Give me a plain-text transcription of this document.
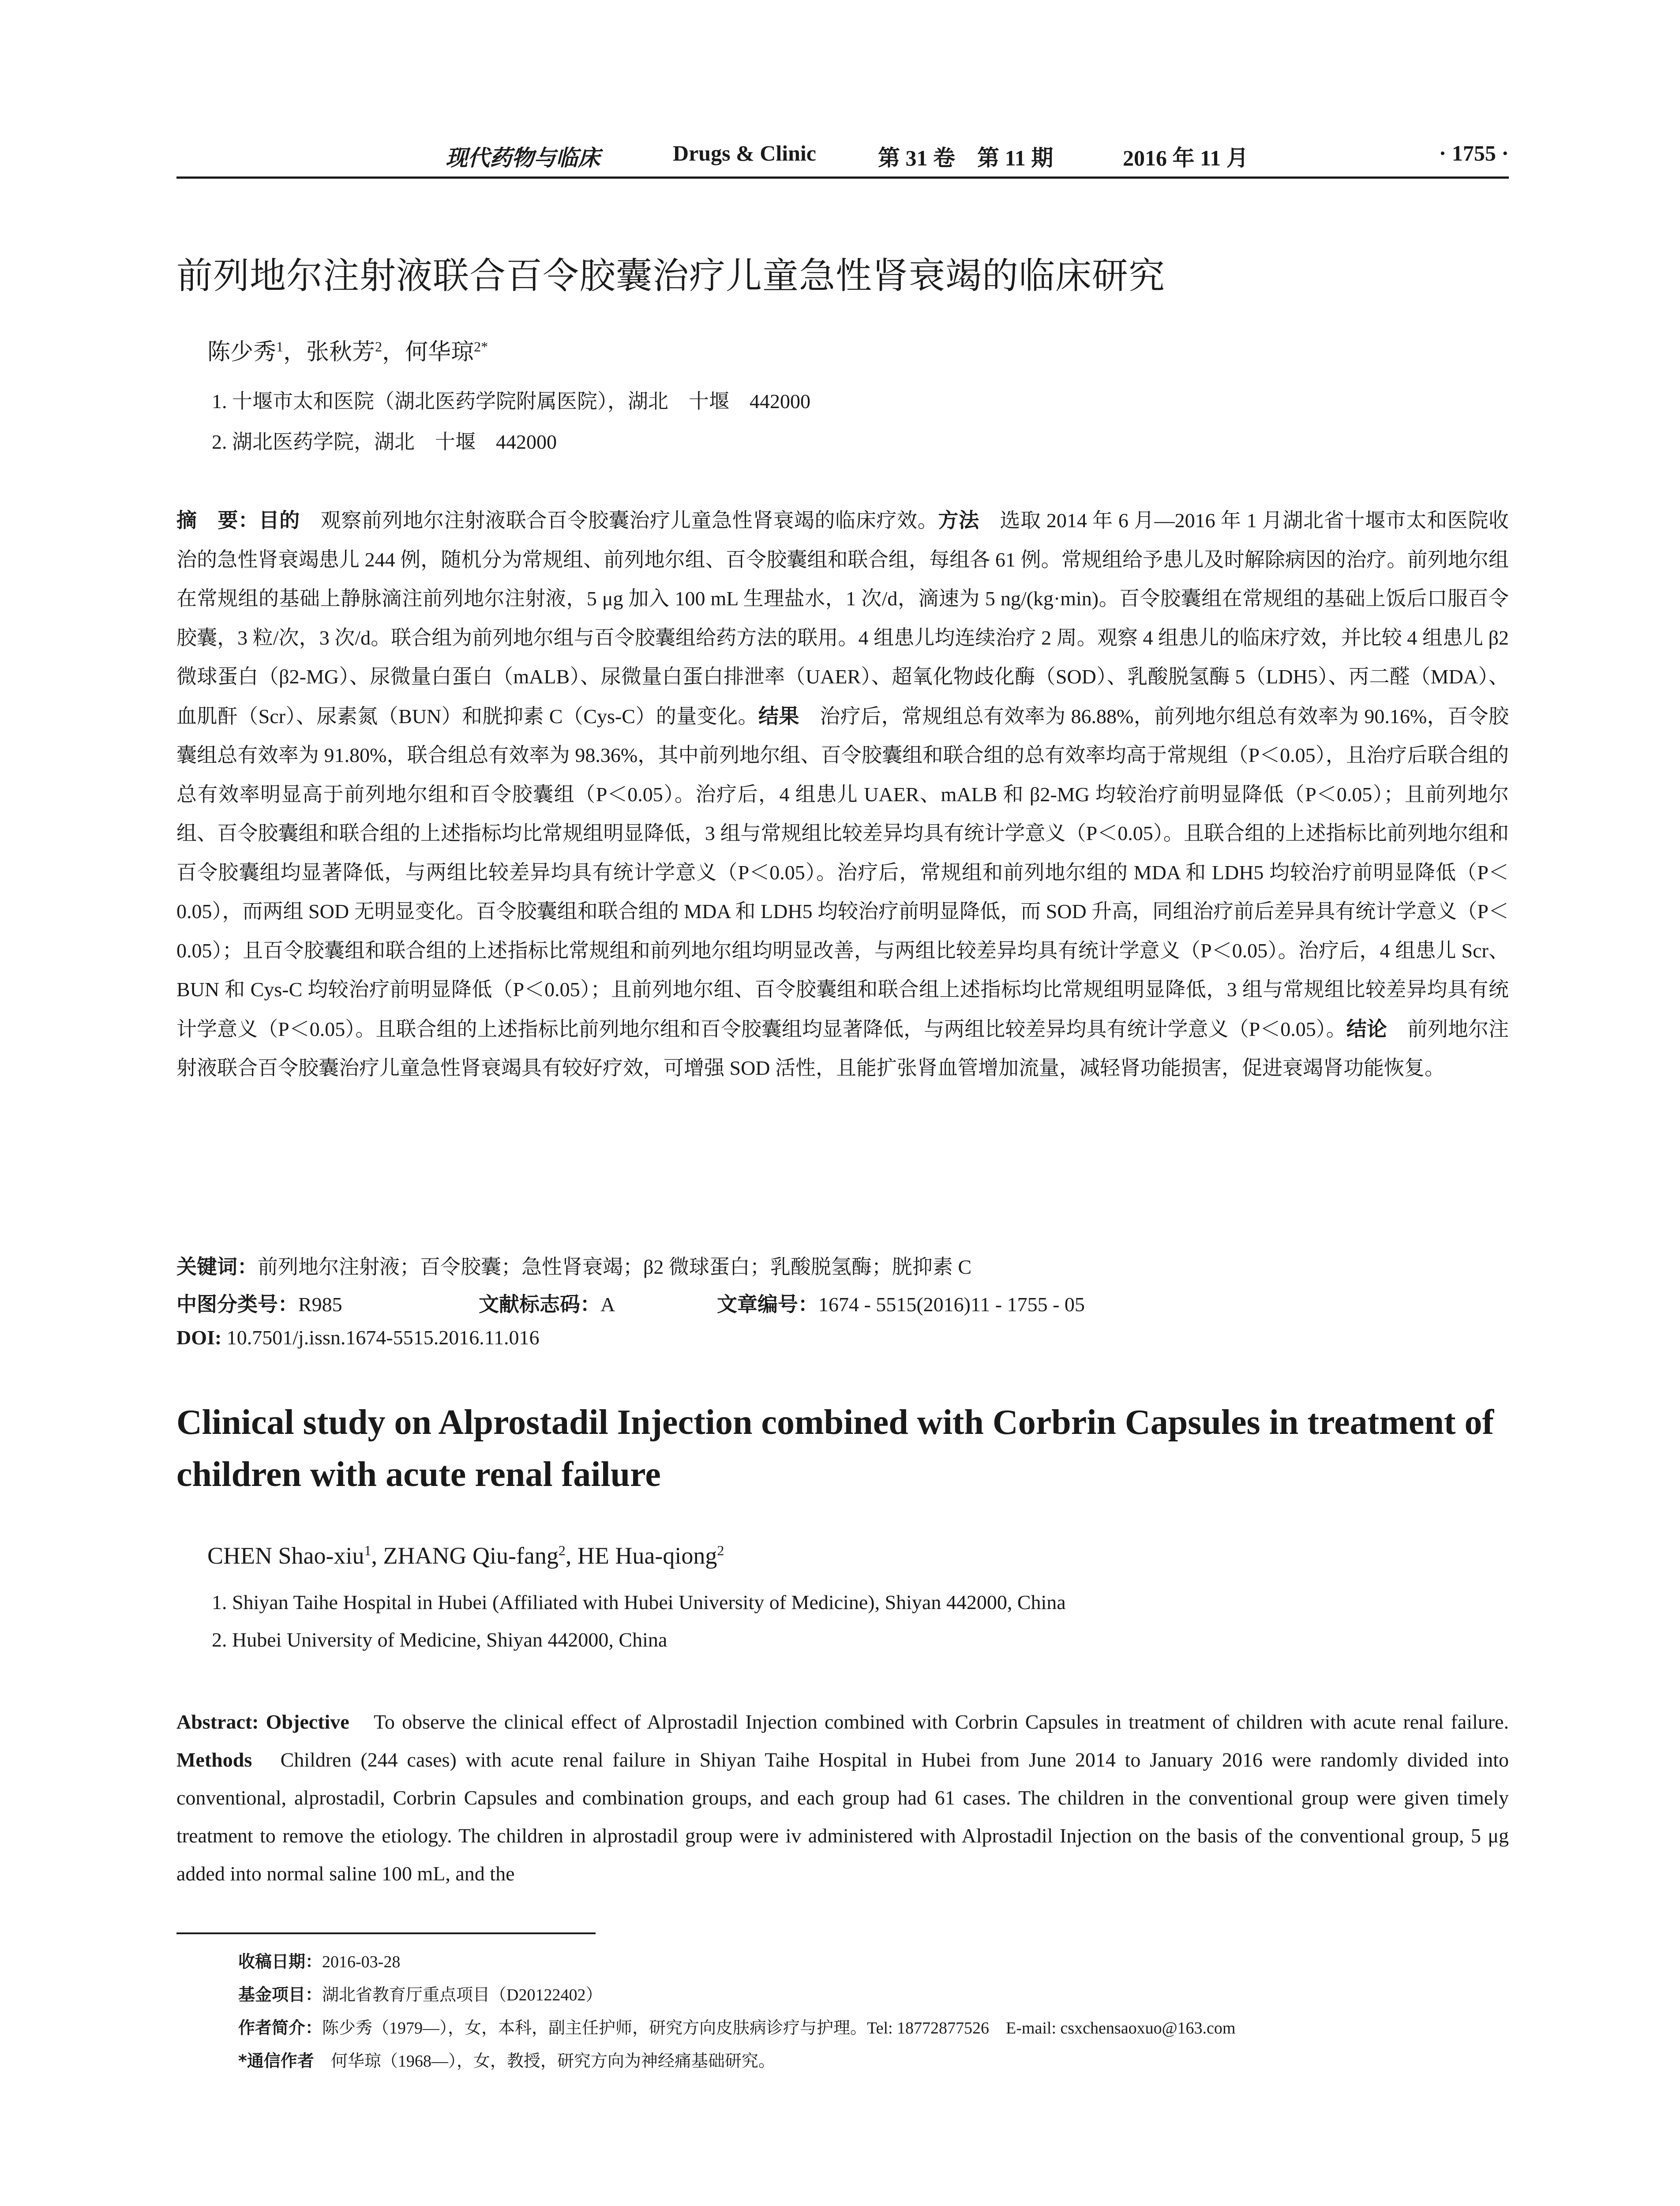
现代药物与临床	Drugs & Clinic	第 31 卷　第 11 期	2016 年 11 月	· 1755 ·
前列地尔注射液联合百令胶囊治疗儿童急性肾衰竭的临床研究
陈少秀$^1$，张秋芳$^2$，何华琼$^{2*}$
1. 十堰市太和医院（湖北医药学院附属医院），湖北　十堰　442000
2. 湖北医药学院，湖北　十堰　442000

摘　要：目的　 观察前列地尔注射液联合百令胶囊治疗儿童急性肾衰竭的临床疗效。方法　 选取 2014 年 6 月—2016 年 1 月湖北省十堰市太和医院收治的急性肾衰竭患儿 244 例，随机分为常规组、前列地尔组、百令胶囊组和联合组，每组各 61 例。常规组给予患儿及时解除病因的治疗。前列地尔组在常规组的基础上静脉滴注前列地尔注射液，5 μg 加入 100 mL 生理盐水，1 次/d，滴速为 5 ng/(kg·min)。百令胶囊组在常规组的基础上饭后口服百令胶囊，3 粒/次，3 次/d。联合组为前列地尔组与百令胶囊组给药方法的联用。4 组患儿均连续治疗 2 周。观察 4 组患儿的临床疗效，并比较 4 组患儿 β2 微球蛋白（β2-MG）、尿微量白蛋白（mALB）、尿微量白蛋白排泄率（UAER）、超氧化物歧化酶（SOD）、乳酸脱氢酶 5（LDH5）、丙二醛（MDA）、血肌酐（Scr）、尿素氮（BUN）和胱抑素 C（Cys-C）的量变化。结果　 治疗后，常规组总有效率为 86.88%，前列地尔组总有效率为 90.16%，百令胶囊组总有效率为 91.80%，联合组总有效率为 98.36%，其中前列地尔组、百令胶囊组和联合组的总有效率均高于常规组（P＜0.05），且治疗后联合组的总有效率明显高于前列地尔组和百令胶囊组（P＜0.05）。治疗后，4 组患儿 UAER、mALB 和 β2-MG 均较治疗前明显降低（P＜0.05）；且前列地尔组、百令胶囊组和联合组的上述指标均比常规组明显降低，3 组与常规组比较差异均具有统计学意义（P＜0.05）。且联合组的上述指标比前列地尔组和百令胶囊组均显著降低，与两组比较差异均具有统计学意义（P＜0.05）。治疗后，常规组和前列地尔组的 MDA 和 LDH5 均较治疗前明显降低（P＜0.05），而两组 SOD 无明显变化。百令胶囊组和联合组的 MDA 和 LDH5 均较治疗前明显降低，而 SOD 升高，同组治疗前后差异具有统计学意义（P＜0.05）；且百令胶囊组和联合组的上述指标比常规组和前列地尔组均明显改善，与两组比较差异均具有统计学意义（P＜0.05）。治疗后，4 组患儿 Scr、BUN 和 Cys-C 均较治疗前明显降低（P＜0.05）；且前列地尔组、百令胶囊组和联合组上述指标均比常规组明显降低，3 组与常规组比较差异均具有统计学意义（P＜0.05）。且联合组的上述指标比前列地尔组和百令胶囊组均显著降低，与两组比较差异均具有统计学意义（P＜0.05）。结论　 前列地尔注射液联合百令胶囊治疗儿童急性肾衰竭具有较好疗效，可增强 SOD 活性，且能扩张肾血管增加流量，减轻肾功能损害，促进衰竭肾功能恢复。

关键词：前列地尔注射液；百令胶囊；急性肾衰竭；β2 微球蛋白；乳酸脱氢酶；胱抑素 C
中图分类号：R985	文献标志码：A	文章编号：1674 - 5515(2016)11 - 1755 - 05
DOI: 10.7501/j.issn.1674-5515.2016.11.016
Clinical study on Alprostadil Injection combined with Corbrin Capsules in treatment of children with acute renal failure
CHEN Shao-xiu$^1$, ZHANG Qiu-fang$^2$, HE Hua-qiong$^2$
1. Shiyan Taihe Hospital in Hubei (Affiliated with Hubei University of Medicine), Shiyan 442000, China
2. Hubei University of Medicine, Shiyan 442000, China

Abstract: Objective　 To observe the clinical effect of Alprostadil Injection combined with Corbrin Capsules in treatment of children with acute renal failure. Methods　 Children (244 cases) with acute renal failure in Shiyan Taihe Hospital in Hubei from June 2014 to January 2016 were randomly divided into conventional, alprostadil, Corbrin Capsules and combination groups, and each group had 61 cases. The children in the conventional group were given timely treatment to remove the etiology. The children in alprostadil group were iv administered with Alprostadil Injection on the basis of the conventional group, 5 μg added into normal saline 100 mL, and the

收稿日期：2016-03-28
基金项目：湖北省教育厅重点项目（D20122402）
作者简介：陈少秀（1979—），女，本科，副主任护师，研究方向皮肤病诊疗与护理。Tel: 18772877526　E-mail: csxchensaoxuo@163.com
*通信作者　 何华琼（1968—），女，教授，研究方向为神经痛基础研究。
